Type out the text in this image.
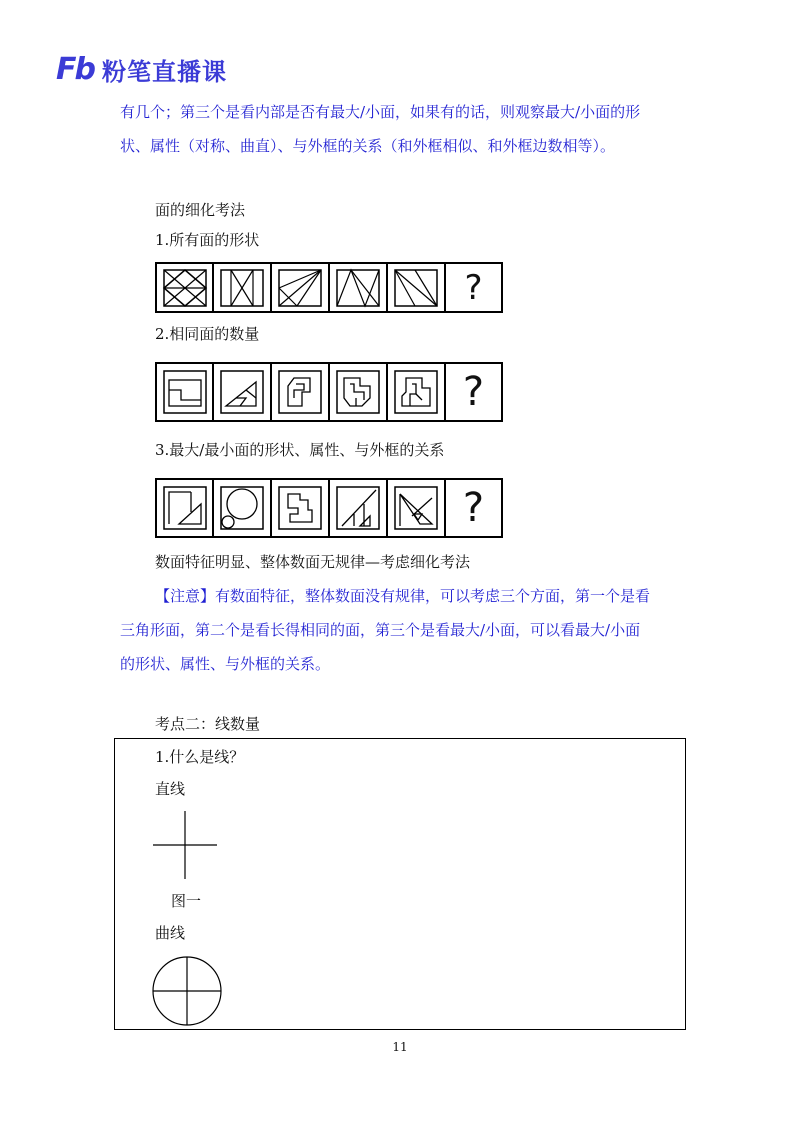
Fb 粉笔直播课
有几个；第三个是看内部是否有最大/小面，如果有的话，则观察最大/小面的形
状、属性（对称、曲直）、与外框的关系（和外框相似、和外框边数相等）。
面的细化考法
1.所有面的形状
?
2.相同面的数量
?
3.最大/最小面的形状、属性、与外框的关系
?
数面特征明显、整体数面无规律—考虑细化考法
【注意】有数面特征，整体数面没有规律，可以考虑三个方面，第一个是看
三角形面，第二个是看长得相同的面，第三个是看最大/小面，可以看最大/小面
的形状、属性、与外框的关系。
考点二：线数量
1.什么是线？
直线
图一
曲线
11
